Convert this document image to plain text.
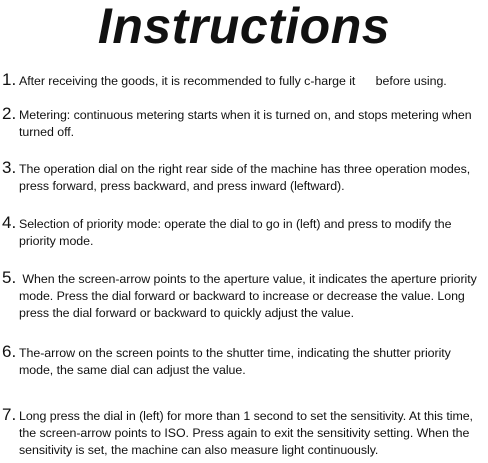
Instructions
1. After receiving the goods, it is recommended to fully c-harge it      before using.
2. Metering: continuous metering starts when it is turned on, and stops metering when turned off.
3. The operation dial on the right rear side of the machine has three operation modes, press forward, press backward, and press inward (leftward).
4. Selection of priority mode: operate the dial to go in (left) and press to modify the priority mode.
5. When the screen-arrow points to the aperture value, it indicates the aperture priority mode. Press the dial forward or backward to increase or decrease the value. Long press the dial forward or backward to quickly adjust the value.
6. The-arrow on the screen points to the shutter time, indicating the shutter priority mode, the same dial can adjust the value.
7. Long press the dial in (left) for more than 1 second to set the sensitivity. At this time, the screen-arrow points to ISO. Press again to exit the sensitivity setting. When the sensitivity is set, the machine can also measure light continuously.
